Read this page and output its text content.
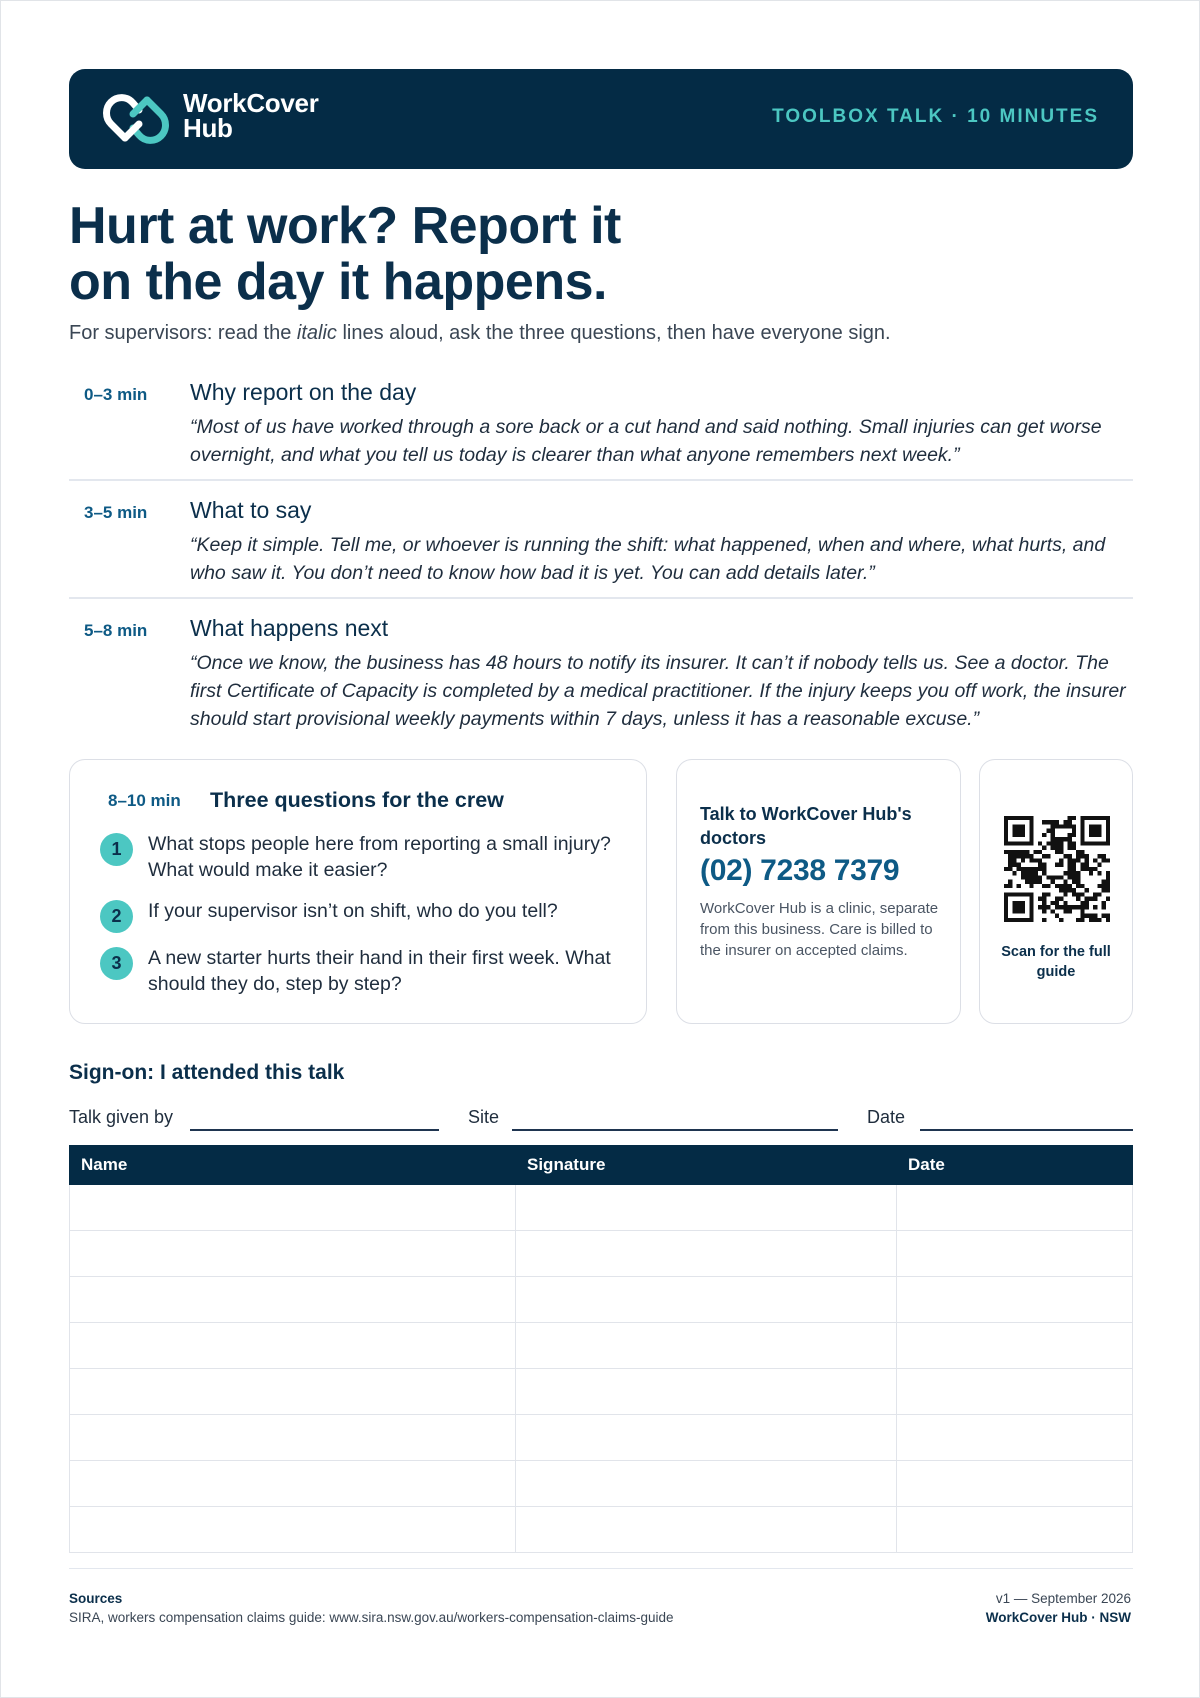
WorkCover
Hub	TOOLBOX TALK · 10 MINUTES
Hurt at work? Report it
on the day it happens.

For supervisors: read the italic lines aloud, ask the three questions, then have everyone sign.

0–3 min Why report on the day
“Most of us have worked through a sore back or a cut hand and said nothing. Small injuries can get worse overnight, and what you tell us today is clearer than what anyone remembers next week.”
3–5 min What to say
“Keep it simple. Tell me, or whoever is running the shift: what happened, when and where, what hurts, and who saw it. You don’t need to know how bad it is yet. You can add details later.”
5–8 min What happens next
“Once we know, the business has 48 hours to notify its insurer. It can’t if nobody tells us. See a doctor. The first Certificate of Capacity is completed by a medical practitioner. If the injury keeps you off work, the insurer should start provisional weekly payments within 7 days, unless it has a reasonable excuse.”
8–10 min Three questions for the crew
1	What stops people here from reporting a small injury? What would make it easier?
2	If your supervisor isn’t on shift, who do you tell?
3	A new starter hurts their hand in their first week. What should they do, step by step?
Talk to WorkCover Hub's doctors
(02) 7238 7379
WorkCover Hub is a clinic, separate from this business. Care is billed to the insurer on accepted claims.	Scan for the full guide
Sign-on: I attended this talk
Talk given by	Site	Date
Name	Signature	Date
Sources
SIRA, workers compensation claims guide: www.sira.nsw.gov.au/workers-compensation-claims-guide
v1 — September 2026
WorkCover Hub · NSW
